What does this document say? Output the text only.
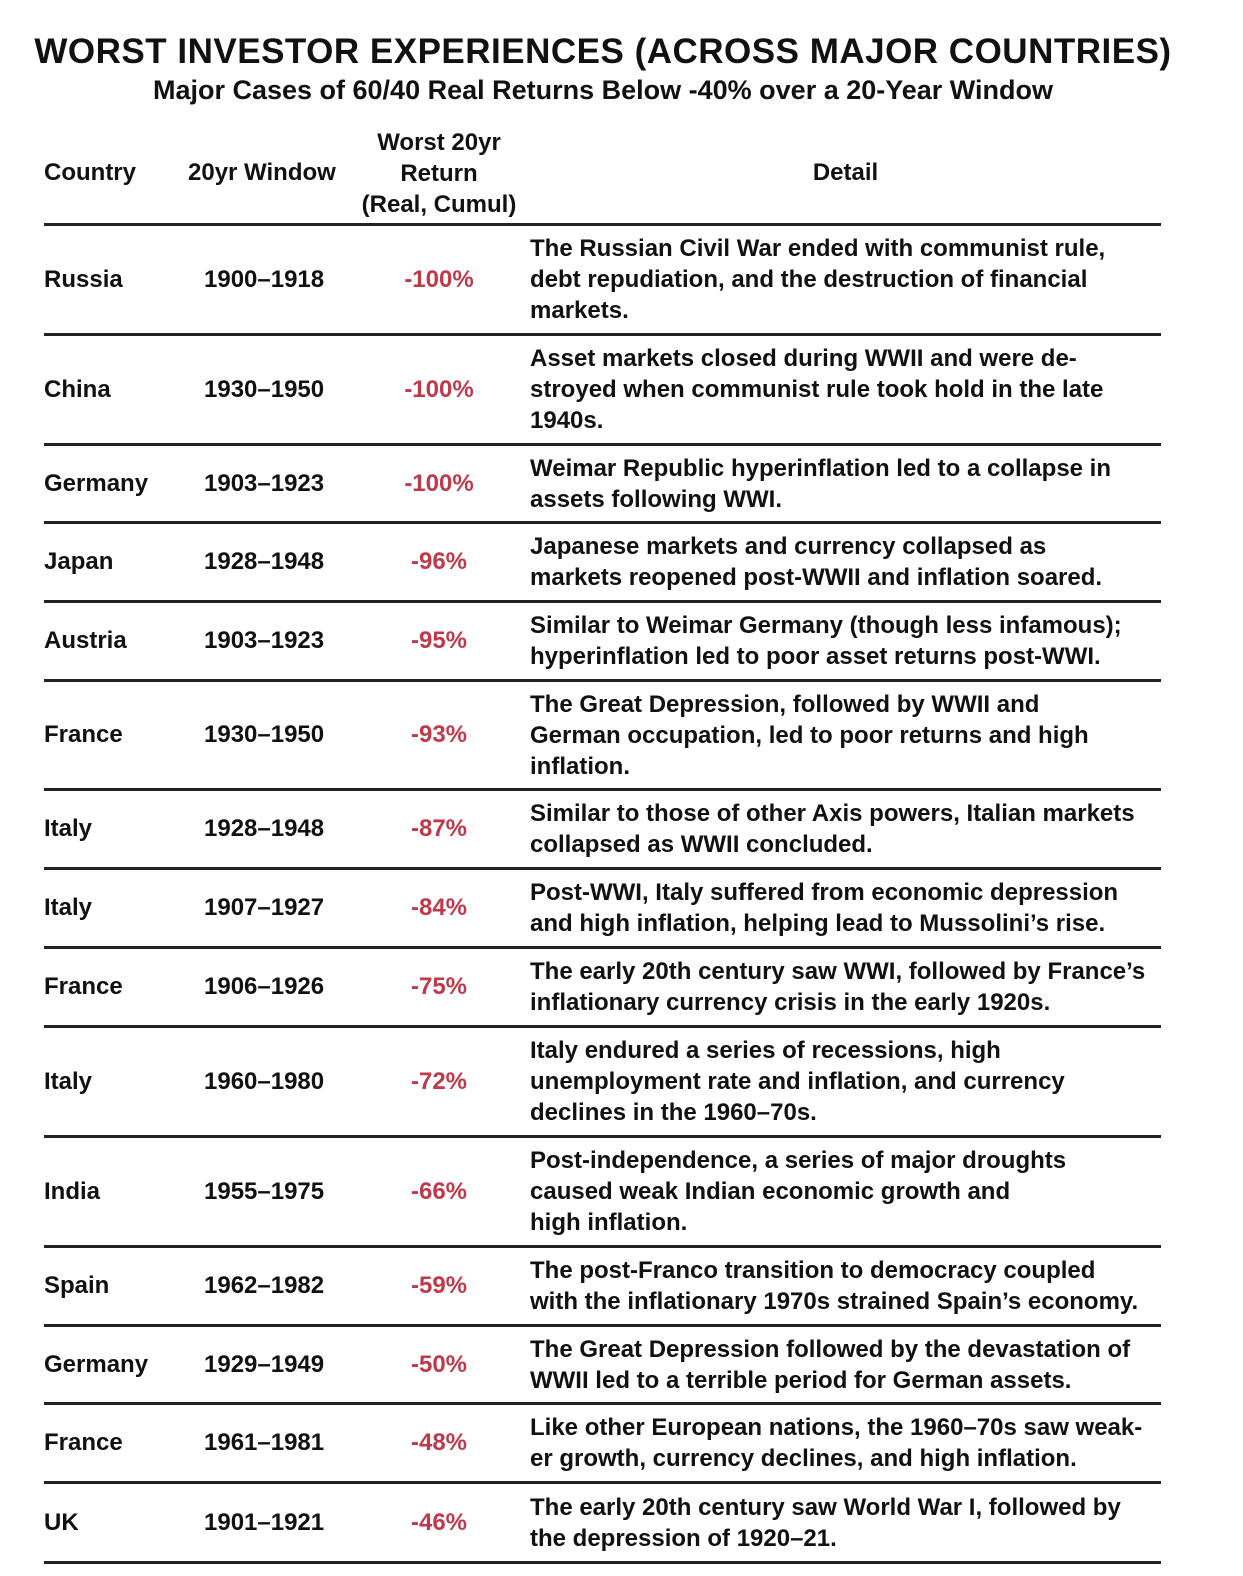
WORST INVESTOR EXPERIENCES (ACROSS MAJOR COUNTRIES)
Major Cases of 60/40 Real Returns Below -40% over a 20-Year Window
Country 20yr Window
Worst 20yr
Return
(Real, Cumul)
Detail
Russia	1900–1918	-100%
The Russian Civil War ended with communist rule,
debt repudiation, and the destruction of financial
markets.
China	1930–1950	-100%
Asset markets closed during WWII and were de-
stroyed when communist rule took hold in the late
1940s.
Germany 1903–1923	-100%
Weimar Republic hyperinflation led to a collapse in
assets following WWI.
Japan	1928–1948	-96%
Japanese markets and currency collapsed as
markets reopened post-WWII and inflation soared.
Austria	1903–1923	-95%
Similar to Weimar Germany (though less infamous);
hyperinflation led to poor asset returns post-WWI.
France	1930–1950	-93%
The Great Depression, followed by WWII and
German occupation, led to poor returns and high
inflation.
Italy	1928–1948	-87%
Similar to those of other Axis powers, Italian markets
collapsed as WWII concluded.
Italy	1907–1927	-84%
Post-WWI, Italy suffered from economic depression
and high inflation, helping lead to Mussolini’s rise.
France	1906–1926	-75%
The early 20th century saw WWI, followed by France’s
inflationary currency crisis in the early 1920s.
Italy	1960–1980	-72%
Italy endured a series of recessions, high
unemployment rate and inflation, and currency
declines in the 1960–70s.
India	1955–1975	-66%
Post-independence, a series of major droughts
caused weak Indian economic growth and
high inflation.
Spain	1962–1982	-59%
The post-Franco transition to democracy coupled
with the inflationary 1970s strained Spain’s economy.
Germany 1929–1949	-50%
The Great Depression followed by the devastation of
WWII led to a terrible period for German assets.
France	1961–1981	-48%
Like other European nations, the 1960–70s saw weak-
er growth, currency declines, and high inflation.
UK	1901–1921	-46%
The early 20th century saw World War I, followed by
the depression of 1920–21.
